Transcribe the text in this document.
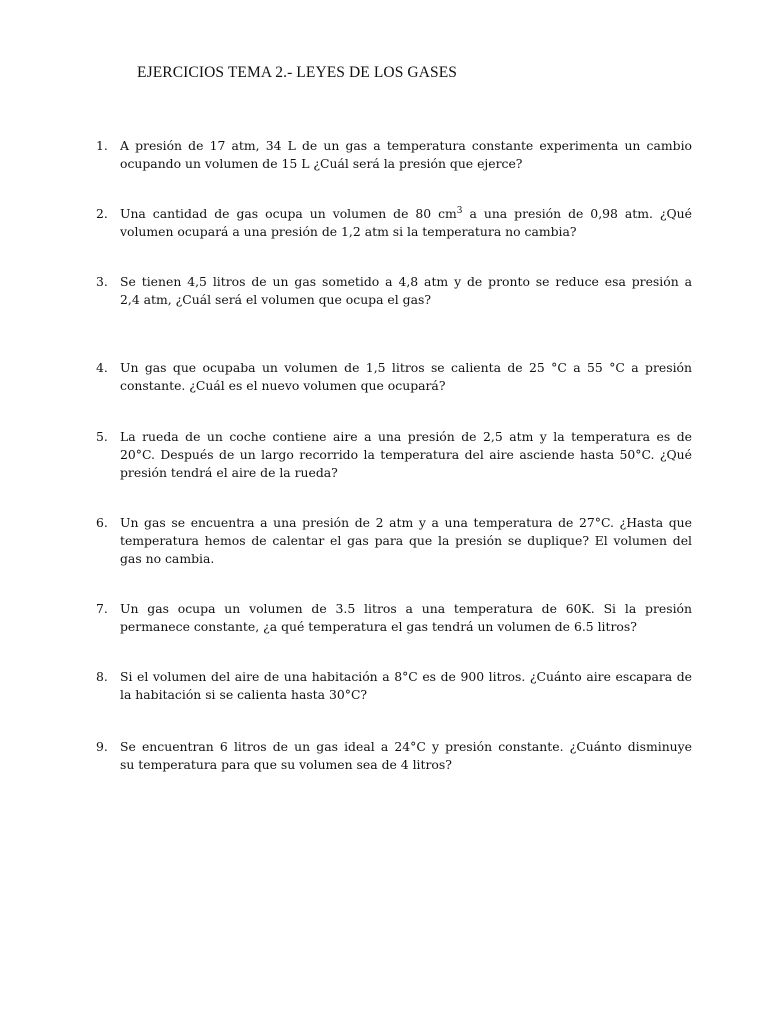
EJERCICIOS TEMA 2.- LEYES DE LOS GASES
1. A presión de 17 atm, 34 L de un gas a temperatura constante experimenta un cambio
ocupando un volumen de 15 L ¿Cuál será la presión que ejerce?
2. Una cantidad de gas ocupa un volumen de 80 $cm^3$ a una presión de 0,98 atm. ¿Qué
volumen ocupará a una presión de 1,2 atm si la temperatura no cambia?
3. Se tienen 4,5 litros de un gas sometido a 4,8 atm y de pronto se reduce esa presión a
2,4 atm, ¿Cuál será el volumen que ocupa el gas?
4. Un gas que ocupaba un volumen de 1,5 litros se calienta de 25 °C a 55 °C a presión
constante. ¿Cuál es el nuevo volumen que ocupará?
5. La rueda de un coche contiene aire a una presión de 2,5 atm y la temperatura es de
20°C. Después de un largo recorrido la temperatura del aire asciende hasta 50°C. ¿Qué
presión tendrá el aire de la rueda?
6. Un gas se encuentra a una presión de 2 atm y a una temperatura de 27°C. ¿Hasta que
temperatura hemos de calentar el gas para que la presión se duplique? El volumen del
gas no cambia.
7. Un gas ocupa un volumen de 3.5 litros a una temperatura de 60K. Si la presión
permanece constante, ¿a qué temperatura el gas tendrá un volumen de 6.5 litros?
8. Si el volumen del aire de una habitación a 8°C es de 900 litros. ¿Cuánto aire escapara de
la habitación si se calienta hasta 30°C?
9. Se encuentran 6 litros de un gas ideal a 24°C y presión constante. ¿Cuánto disminuye
su temperatura para que su volumen sea de 4 litros?
